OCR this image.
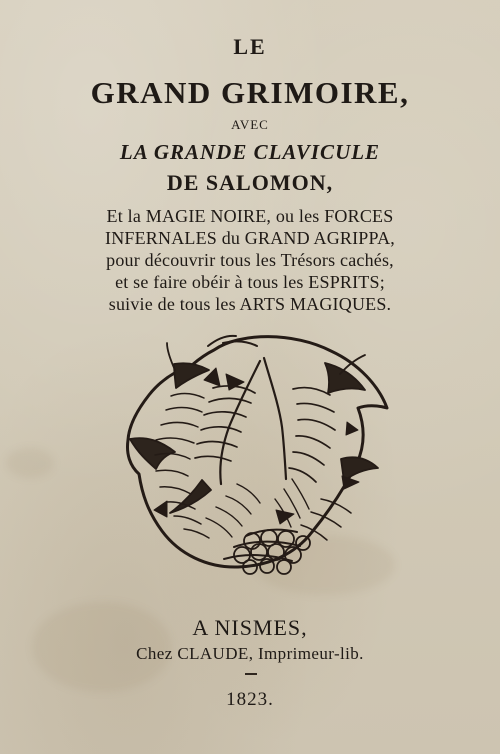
LE
GRAND GRIMOIRE,
AVEC
LA GRANDE CLAVICULE
DE SALOMON,
Et la MAGIE NOIRE, ou les FORCES
INFERNALES du GRAND AGRIPPA,
pour découvrir tous les Trésors cachés,
et se faire obéir à tous les ESPRITS;
suivie de tous les ARTS MAGIQUES.
A NISMES,
Chez CLAUDE, Imprimeur-lib.
1823.
